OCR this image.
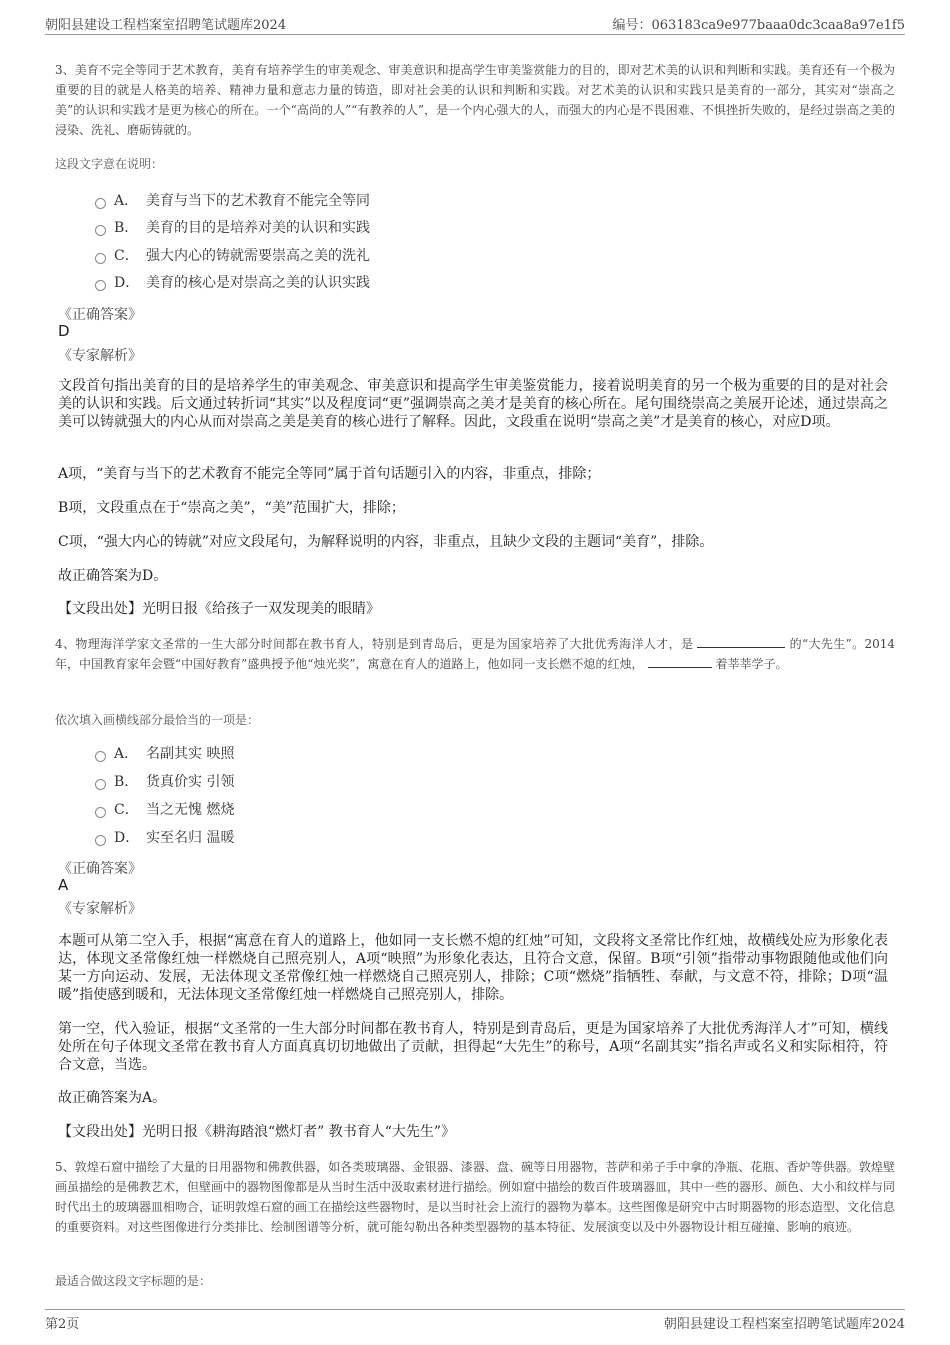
朝阳县建设工程档案室招聘笔试题库2024	编号：063183ca9e977baaa0dc3caa8a97e1f5
3、美育不完全等同于艺术教育，美育有培养学生的审美观念、审美意识和提高学生审美鉴赏能力的目的，即对艺术美的认识和判断和实践。美育还有一个极为重要的目的就是人格美的培养、精神力量和意志力量的铸造，即对社会美的认识和判断和实践。对艺术美的认识和实践只是美育的一部分，其实对“崇高之美”的认识和实践才是更为核心的所在。一个“高尚的人”“有教养的人”，是一个内心强大的人，而强大的内心是不畏困难、不惧挫折失败的，是经过崇高之美的浸染、洗礼、磨砺铸就的。
这段文字意在说明：
A． 美育与当下的艺术教育不能完全等同
B． 美育的目的是培养对美的认识和实践
C． 强大内心的铸就需要崇高之美的洗礼
D． 美育的核心是对崇高之美的认识实践
《正确答案》
D
《专家解析》
文段首句指出美育的目的是培养学生的审美观念、审美意识和提高学生审美鉴赏能力，接着说明美育的另一个极为重要的目的是对社会美的认识和实践。后文通过转折词“其实”以及程度词“更”强调崇高之美才是美育的核心所在。尾句围绕崇高之美展开论述，通过崇高之美可以铸就强大的内心从而对崇高之美是美育的核心进行了解释。因此，文段重在说明“崇高之美”才是美育的核心，对应D项。
A项，“美育与当下的艺术教育不能完全等同”属于首句话题引入的内容，非重点，排除；
B项，文段重点在于“崇高之美”，“美”范围扩大，排除；
C项，“强大内心的铸就”对应文段尾句，为解释说明的内容，非重点，且缺少文段的主题词“美育”，排除。
故正确答案为D。
【文段出处】光明日报《给孩子一双发现美的眼睛》
4、物理海洋学家文圣常的一生大部分时间都在教书育人，特别是到青岛后，更是为国家培养了大批优秀海洋人才，是	的“大先生”。2014年，中国教育家年会暨“中国好教育”盛典授予他“烛光奖”，寓意在育人的道路上，他如同一支长燃不熄的红烛，	着莘莘学子。
依次填入画横线部分最恰当的一项是：
A． 名副其实 映照
B． 货真价实 引领
C． 当之无愧 燃烧
D． 实至名归 温暖
《正确答案》
A
《专家解析》
本题可从第二空入手，根据“寓意在育人的道路上，他如同一支长燃不熄的红烛”可知，文段将文圣常比作红烛，故横线处应为形象化表达，体现文圣常像红烛一样燃烧自己照亮别人，A项“映照”为形象化表达，且符合文意，保留。B项“引领”指带动事物跟随他或他们向某一方向运动、发展，无法体现文圣常像红烛一样燃烧自己照亮别人，排除；C项“燃烧”指牺牲、奉献，与文意不符，排除；D项“温暖”指使感到暖和，无法体现文圣常像红烛一样燃烧自己照亮别人，排除。
第一空，代入验证，根据“文圣常的一生大部分时间都在教书育人，特别是到青岛后，更是为国家培养了大批优秀海洋人才”可知，横线处所在句子体现文圣常在教书育人方面真真切切地做出了贡献，担得起“大先生”的称号，A项“名副其实”指名声或名义和实际相符，符合文意，当选。
故正确答案为A。
【文段出处】光明日报《耕海踏浪“燃灯者” 教书育人“大先生”》
5、敦煌石窟中描绘了大量的日用器物和佛教供器，如各类玻璃器、金银器、漆器、盘、碗等日用器物，菩萨和弟子手中拿的净瓶、花瓶、香炉等供器。敦煌壁画虽描绘的是佛教艺术，但壁画中的器物图像都是从当时生活中汲取素材进行描绘。例如窟中描绘的数百件玻璃器皿，其中一些的器形、颜色、大小和纹样与同时代出土的玻璃器皿相吻合，证明敦煌石窟的画工在描绘这些器物时，是以当时社会上流行的器物为摹本。这些图像是研究中古时期器物的形态造型、文化信息的重要资料。对这些图像进行分类排比、绘制图谱等分析，就可能勾勒出各种类型器物的基本特征、发展演变以及中外器物设计相互碰撞、影响的痕迹。
最适合做这段文字标题的是：
第2页	朝阳县建设工程档案室招聘笔试题库2024
